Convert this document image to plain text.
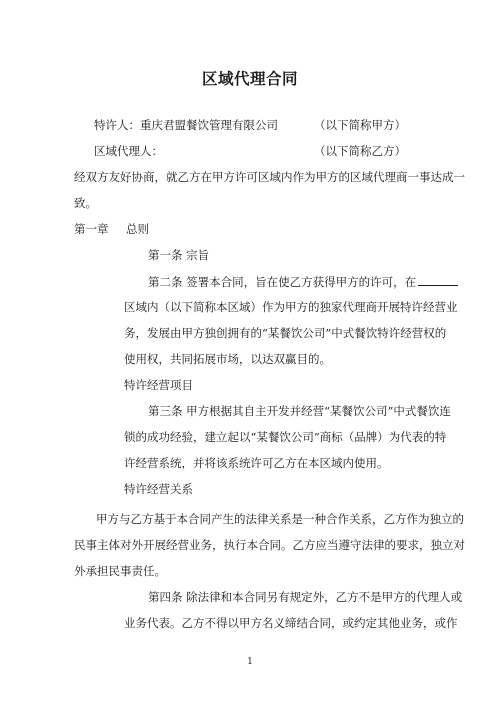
区域代理合同
特许人：重庆君盟餐饮管理有限公司	（以下简称甲方）
区域代理人：	（以下简称乙方）
经双方友好协商，就乙方在甲方许可区域内作为甲方的区域代理商一事达成一
致。
第一章 总则
第一条 宗旨
第二条 签署本合同，旨在使乙方获得甲方的许可，在
区域内（以下简称本区域）作为甲方的独家代理商开展特许经营业
务，发展由甲方独创拥有的“某餐饮公司”中式餐饮特许经营权的
使用权，共同拓展市场，以达双赢目的。
特许经营项目
第三条 甲方根据其自主开发并经营“某餐饮公司”中式餐饮连
锁的成功经验，建立起以“某餐饮公司”商标（品牌）为代表的特
许经营系统，并将该系统许可乙方在本区域内使用。
特许经营关系
甲方与乙方基于本合同产生的法律关系是一种合作关系，乙方作为独立的
民事主体对外开展经营业务，执行本合同。乙方应当遵守法律的要求，独立对
外承担民事责任。
第四条 除法律和本合同另有规定外，乙方不是甲方的代理人或
业务代表。乙方不得以甲方名义缔结合同，或约定其他业务，或作
1
